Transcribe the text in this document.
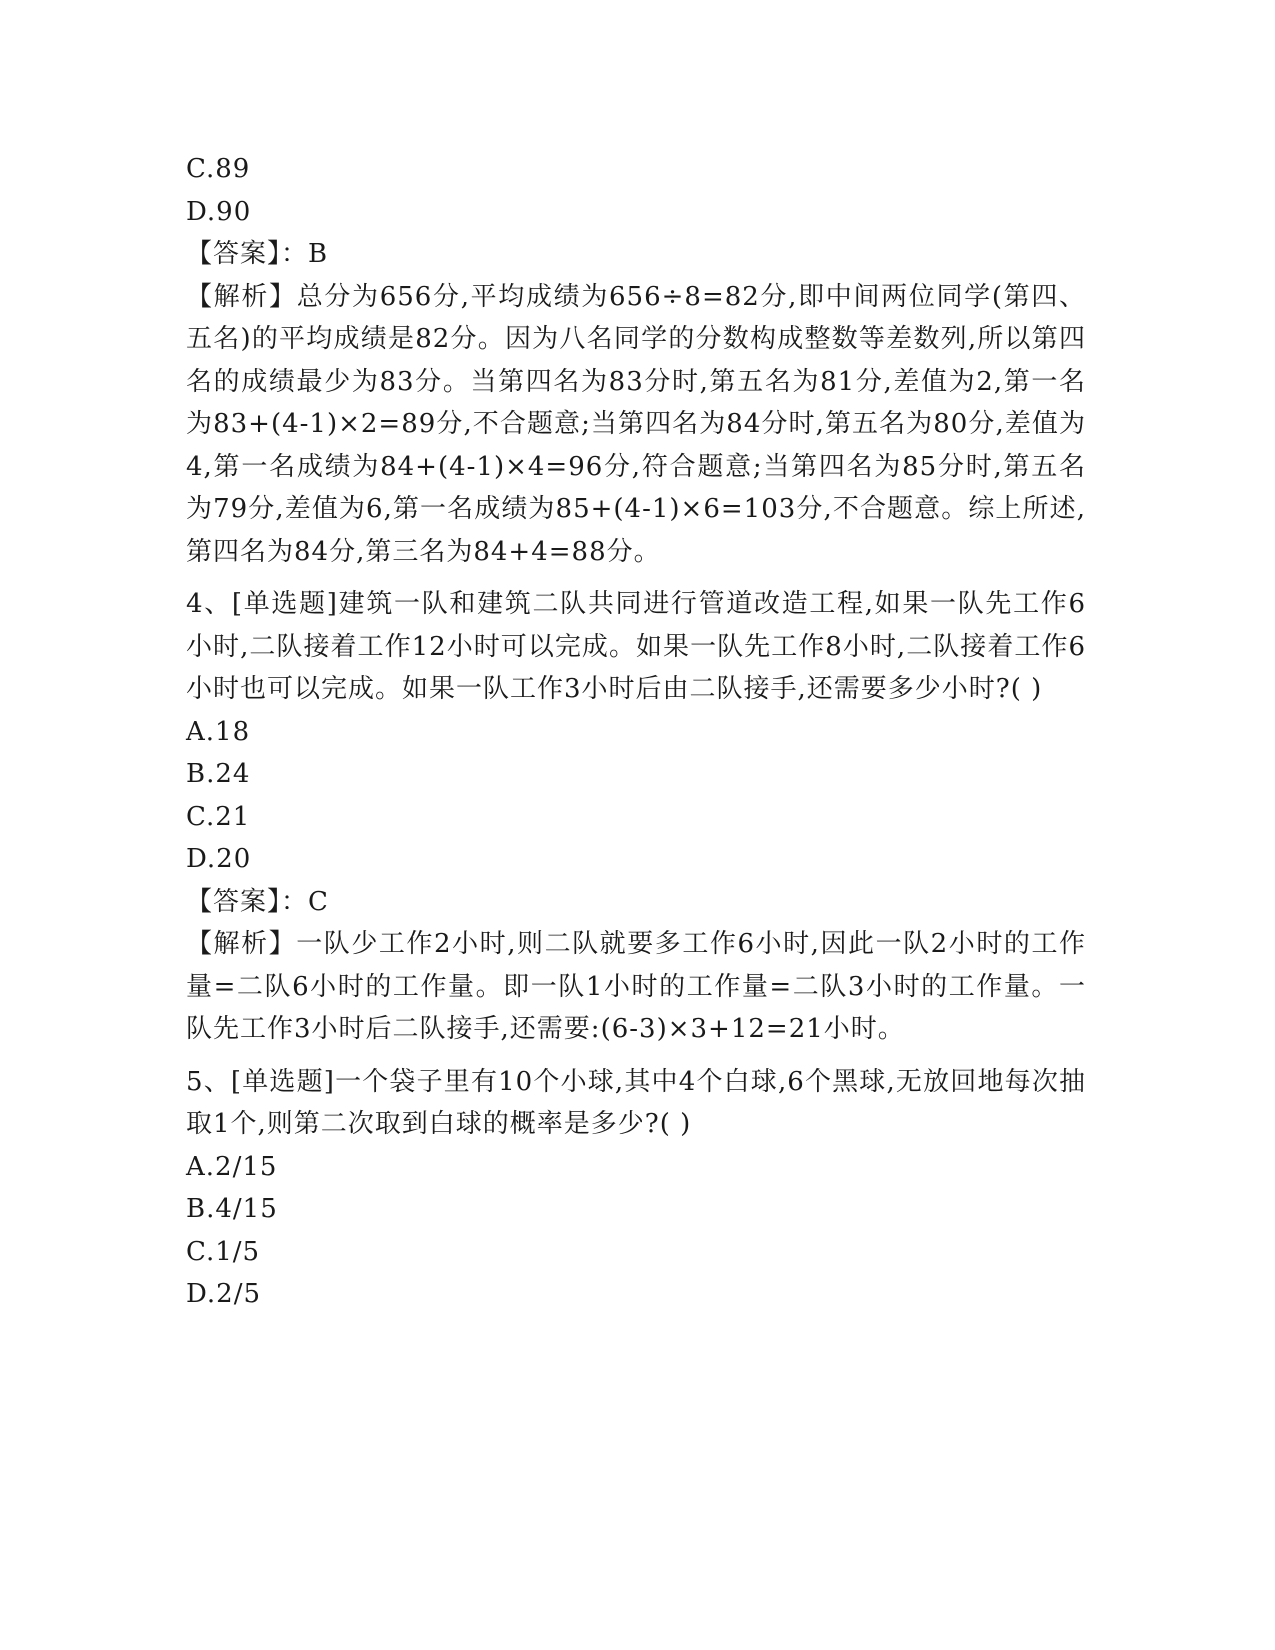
C.89

D.90

【答案】：B

【解析】总分为656分,平均成绩为656÷8=82分,即中间两位同学(第四、五名)的平均成绩是82分。因为八名同学的分数构成整数等差数列,所以第四名的成绩最少为83分。当第四名为83分时,第五名为81分,差值为2,第一名为83+(4-1)×2=89分,不合题意;当第四名为84分时,第五名为80分,差值为4,第一名成绩为84+(4-1)×4=96分,符合题意;当第四名为85分时,第五名为79分,差值为6,第一名成绩为85+(4-1)×6=103分,不合题意。综上所述,第四名为84分,第三名为84+4=88分。

4、[单选题]建筑一队和建筑二队共同进行管道改造工程,如果一队先工作6小时,二队接着工作12小时可以完成。如果一队先工作8小时,二队接着工作6小时也可以完成。如果一队工作3小时后由二队接手,还需要多少小时?( )

A.18

B.24

C.21

D.20

【答案】：C

【解析】一队少工作2小时,则二队就要多工作6小时,因此一队2小时的工作量=二队6小时的工作量。即一队1小时的工作量=二队3小时的工作量。一队先工作3小时后二队接手,还需要:(6-3)×3+12=21小时。

5、[单选题]一个袋子里有10个小球,其中4个白球,6个黑球,无放回地每次抽取1个,则第二次取到白球的概率是多少?( )

A.2/15

B.4/15

C.1/5

D.2/5
